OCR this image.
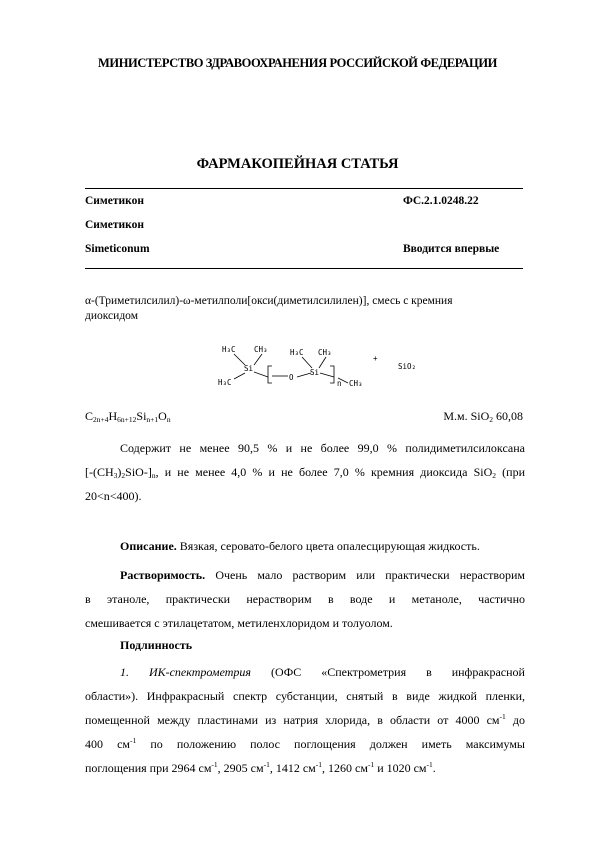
МИНИСТЕРСТВО ЗДРАВООХРАНЕНИЯ РОССИЙСКОЙ ФЕДЕРАЦИИ
ФАРМАКОПЕЙНАЯ СТАТЬЯ
Симетикон	ФС.2.1.0248.22
Симетикон
Simeticonum	Вводится впервые
α-(Триметилсилил)-ω-метилполи[окси(диметилсилилен)], смесь с кремния
диоксидом
H₃C CH₃
Si
H₃C
O
H₃C CH₃
Si
n CH₃
+
SiO₂
$C_{2n+4}H_{6n+12}Si_{n+1}O_n$	М.м. SiO$_2$ 60,08
Содержит не менее 90,5 % и не более 99,0 % полидиметилсилоксана
$[-(CH_3)_2SiO-]_n$, и не менее 4,0 % и не более 7,0 % кремния диоксида SiO$_2$ (при
20<n<400).
Описание. Вязкая, серовато-белого цвета опалесцирующая жидкость.
Растворимость. Очень мало растворим или практически нерастворим
в этаноле, практически нерастворим в воде и метаноле, частично
смешивается с этилацетатом, метиленхлоридом и толуолом.
Подлинность
1. ИК-спектрометрия (ОФС «Спектрометрия в инфракрасной
области»). Инфракрасный спектр субстанции, снятый в виде жидкой пленки,
помещенной между пластинами из натрия хлорида, в области от 4000 $см^{-1}$ до
400 $см^{-1}$ по положению полос поглощения должен иметь максимумы
поглощения при 2964 $см^{-1}$, 2905 $см^{-1}$, 1412 $см^{-1}$, 1260 $см^{-1}$ и 1020 $см^{-1}$.
